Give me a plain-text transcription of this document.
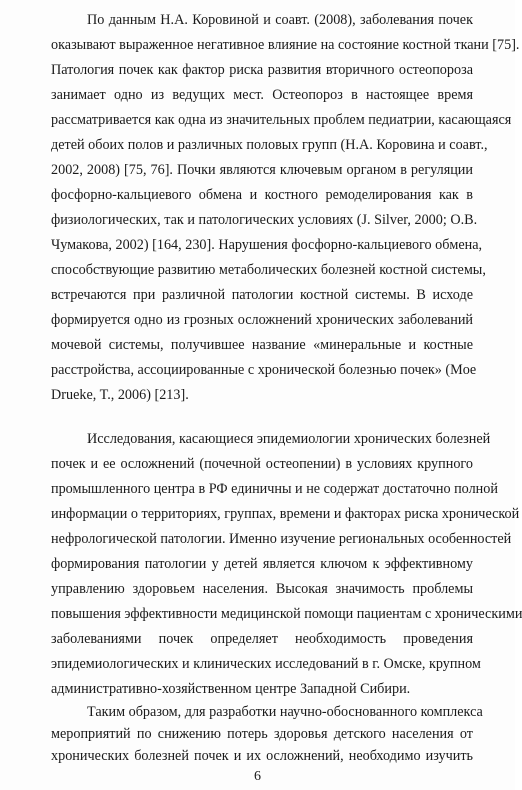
По данным Н.А. Коровиной и соавт. (2008), заболевания почек
оказывают выраженное негативное влияние на состояние костной ткани [75].
Патология почек как фактор риска развития вторичного остеопороза
занимает одно из ведущих мест. Остеопороз в настоящее время
рассматривается как одна из значительных проблем педиатрии, касающаяся
детей обоих полов и различных половых групп (Н.А. Коровина и соавт.,
2002, 2008) [75, 76]. Почки являются ключевым органом в регуляции
фосфорно-кальциевого обмена и костного ремоделирования как в
физиологических, так и патологических условиях (J. Silver, 2000; О.В.
Чумакова, 2002) [164, 230]. Нарушения фосфорно-кальциевого обмена,
способствующие развитию метаболических болезней костной системы,
встречаются при различной патологии костной системы. В исходе
формируется одно из грозных осложнений хронических заболеваний
мочевой системы, получившее название «минеральные и костные
расстройства, ассоциированные с хронической болезнью почек» (Moe
Drueke, T., 2006) [213].
Исследования, касающиеся эпидемиологии хронических болезней
почек и ее осложнений (почечной остеопении) в условиях крупного
промышленного центра в РФ единичны и не содержат достаточно полной
информации о территориях, группах, времени и факторах риска хронической
нефрологической патологии. Именно изучение региональных особенностей
формирования патологии у детей является ключом к эффективному
управлению здоровьем населения. Высокая значимость проблемы
повышения эффективности медицинской помощи пациентам с хроническими
заболеваниями почек определяет необходимость проведения
эпидемиологических и клинических исследований в г. Омске, крупном
административно-хозяйственном центре Западной Сибири.
Таким образом, для разработки научно-обоснованного комплекса
мероприятий по снижению потерь здоровья детского населения от
хронических болезней почек и их осложнений, необходимо изучить
6
